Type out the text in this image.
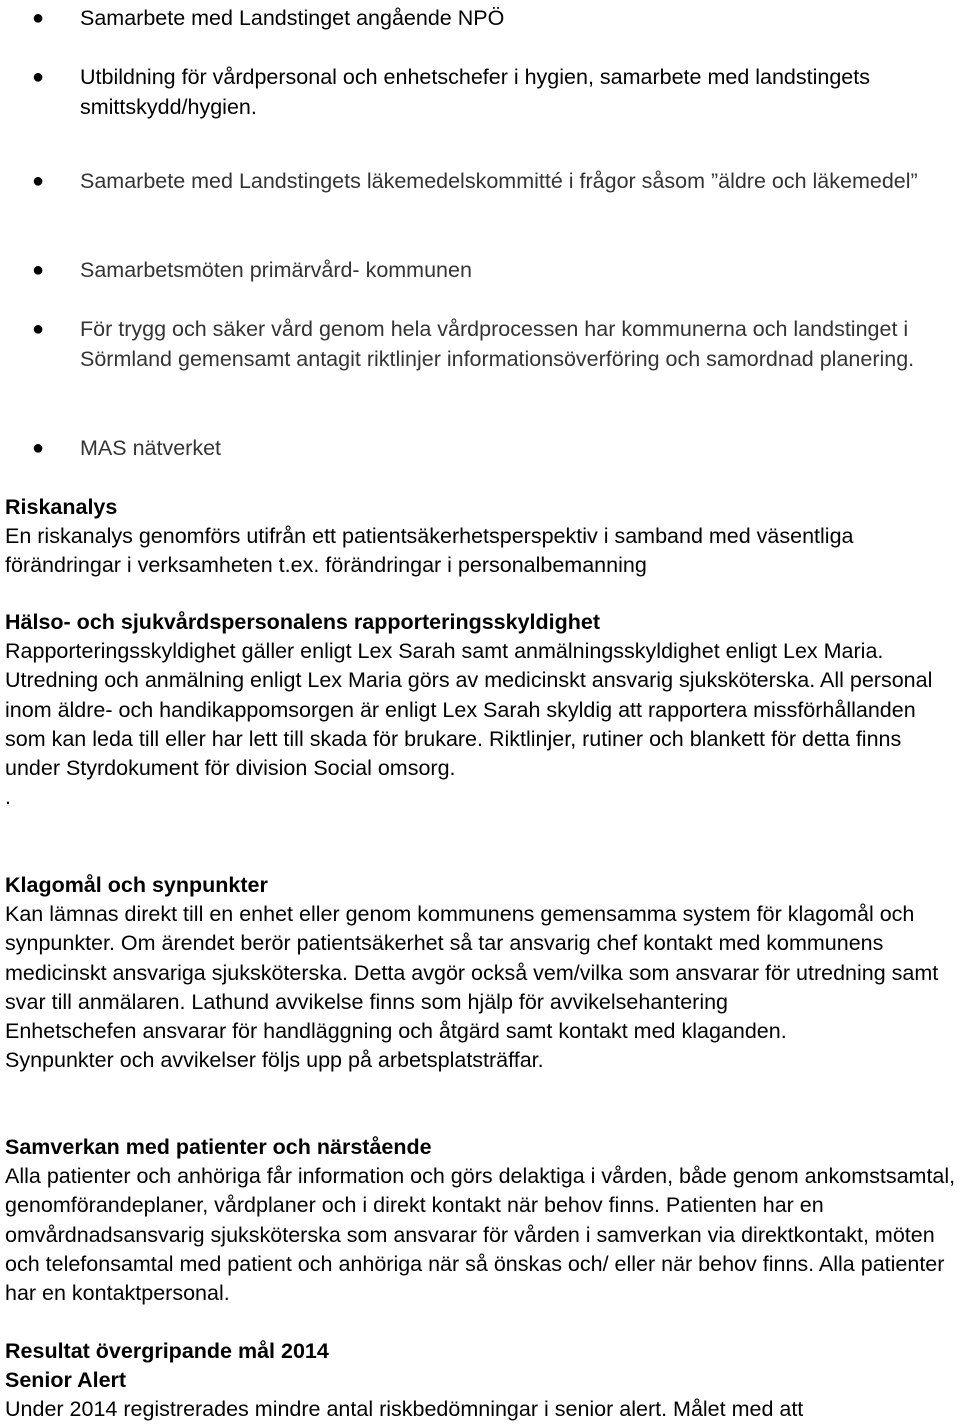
● Samarbete med Landstinget angående NPÖ
● Utbildning för vårdpersonal och enhetschefer i hygien, samarbete med landstingets smittskydd/hygien.
● Samarbete med Landstingets läkemedelskommitté i frågor såsom ”äldre och läkemedel”
● Samarbetsmöten primärvård- kommunen
● För trygg och säker vård genom hela vårdprocessen har kommunerna och landstinget i Sörmland gemensamt antagit riktlinjer informationsöverföring och samordnad planering.
● MAS nätverket
Riskanalys
En riskanalys genomförs utifrån ett patientsäkerhetsperspektiv i samband med väsentliga förändringar i verksamheten t.ex. förändringar i personalbemanning
Hälso- och sjukvårdspersonalens rapporteringsskyldighet
Rapporteringsskyldighet gäller enligt Lex Sarah samt anmälningsskyldighet enligt Lex Maria. Utredning och anmälning enligt Lex Maria görs av medicinskt ansvarig sjuksköterska. All personal inom äldre- och handikappomsorgen är enligt Lex Sarah skyldig att rapportera missförhållanden som kan leda till eller har lett till skada för brukare. Riktlinjer, rutiner och blankett för detta finns under Styrdokument för division Social omsorg.
.
Klagomål och synpunkter
Kan lämnas direkt till en enhet eller genom kommunens gemensamma system för klagomål och synpunkter. Om ärendet berör patientsäkerhet så tar ansvarig chef kontakt med kommunens medicinskt ansvariga sjuksköterska. Detta avgör också vem/vilka som ansvarar för utredning samt svar till anmälaren. Lathund avvikelse finns som hjälp för avvikelsehantering
Enhetschefen ansvarar för handläggning och åtgärd samt kontakt med klaganden.
Synpunkter och avvikelser följs upp på arbetsplatsträffar.
Samverkan med patienter och närstående
Alla patienter och anhöriga får information och görs delaktiga i vården, både genom ankomstsamtal, genomförandeplaner, vårdplaner och i direkt kontakt när behov finns. Patienten har en omvårdnadsansvarig sjuksköterska som ansvarar för vården i samverkan via direktkontakt, möten och telefonsamtal med patient och anhöriga när så önskas och/ eller när behov finns. Alla patienter har en kontaktpersonal.
Resultat övergripande mål 2014
Senior Alert
Under 2014 registrerades mindre antal riskbedömningar i senior alert. Målet med att
